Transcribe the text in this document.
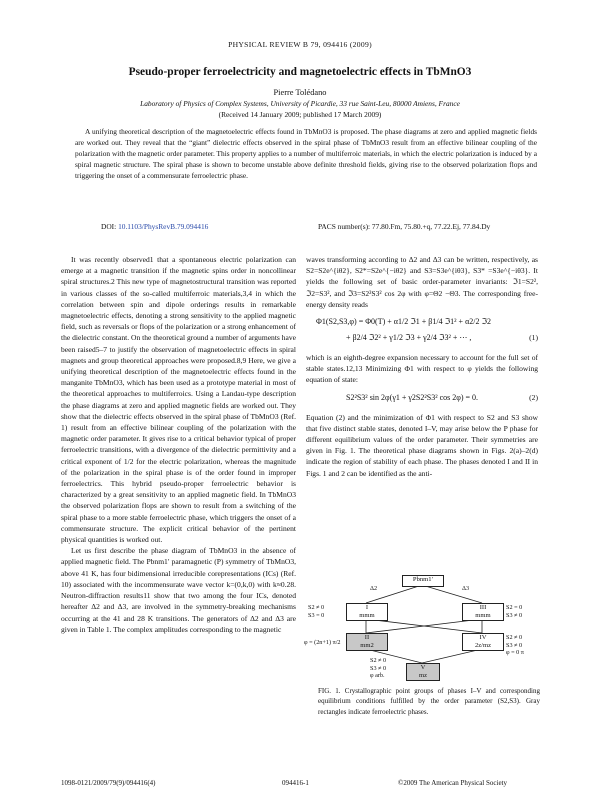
PHYSICAL REVIEW B 79, 094416 (2009)
Pseudo-proper ferroelectricity and magnetoelectric effects in TbMnO3
Pierre Tolédano
Laboratory of Physics of Complex Systems, University of Picardie, 33 rue Saint-Leu, 80000 Amiens, France
(Received 14 January 2009; published 17 March 2009)
A unifying theoretical description of the magnetoelectric effects found in TbMnO3 is proposed. The phase diagrams at zero and applied magnetic fields are worked out. They reveal that the “giant” dielectric effects observed in the spiral phase of TbMnO3 result from an effective bilinear coupling of the polarization with the magnetic order parameter. This property applies to a number of multiferroic materials, in which the electric polarization is induced by a spiral magnetic structure. The spiral phase is shown to become unstable above definite threshold fields, giving rise to the observed polarization flops and triggering the onset of a commensurate ferroelectric phase.
DOI: 10.1103/PhysRevB.79.094416	PACS number(s): 77.80.Fm, 75.80.+q, 77.22.Ej, 77.84.Dy

It was recently observed1 that a spontaneous electric polarization can emerge at a magnetic transition if the magnetic spins order in noncollinear spiral structures.2 This new type of magnetostructural transition was reported in various classes of the so-called multiferroic materials,3,4 in which the correlation between spin and dipole orderings results in remarkable magnetoelectric effects, denoting a strong sensitivity to the applied magnetic field, such as reversals or flops of the polarization or a strong enhancement of the dielectric constant. On the theoretical ground a number of arguments have been raised5–7 to justify the observation of magnetoelectric effects in spiral magnets and group theoretical approaches were proposed.8,9 Here, we give a unifying theoretical description of the magnetoelectric effects found in the manganite TbMnO3, which has been used as a prototype material in most of the theoretical approaches to multiferroics. Using a Landau-type description the phase diagrams at zero and applied magnetic fields are worked out. They show that the dielectric effects observed in the spiral phase of TbMnO3 (Ref. 1) result from an effective bilinear coupling of the polarization with the magnetic order parameter. It gives rise to a critical behavior typical of proper ferroelectric transitions, with a divergence of the dielectric permittivity and a critical exponent of 1/2 for the electric polarization, whereas the magnitude of the polarization in the spiral phase is of the order found in improper ferroelectrics. This hybrid pseudo-proper ferroelectric behavior is characterized by a great sensitivity to an applied magnetic field. In TbMnO3 the observed polarization flops are shown to result from a switching of the spiral phase to a more stable ferroelectric phase, which triggers the onset of a commensurate structure. The explicit critical behavior of the pertinent physical quantities is worked out.

Let us first describe the phase diagram of TbMnO3 in the absence of applied magnetic field. The Pbnm1′ paramagnetic (P) symmetry of TbMnO3, above 41 K, has four bidimensional irreducible corepresentations (ICs) (Ref. 10) associated with the incommensurate wave vector k=(0,k,0) with k≈0.28. Neutron-diffraction results11 show that two among the four ICs, denoted hereafter Δ2 and Δ3, are involved in the symmetry-breaking mechanisms occurring at the 41 and 28 K transitions. The generators of Δ2 and Δ3 are given in Table 1. The complex amplitudes corresponding to the magnetic

waves transforming according to Δ2 and Δ3 can be written, respectively, as S2=S2e^{iθ2}, S2*=S2e^{−iθ2} and S3=S3e^{iθ3}, S3* =S3e^{−iθ3}. It yields the following set of basic order-parameter invariants: ℑ1=S2², ℑ2=S3², and ℑ3=S2²S3² cos 2φ with φ=Θ2 −Θ3. The corresponding free-energy density reads

Φ1(S2,S3,φ) = Φ0(T) + α1/2 ℑ1 + β1/4 ℑ1² + α2/2 ℑ2
+ β2/4 ℑ2² + γ1/2 ℑ3 + γ2/4 ℑ3² + ⋯ ,	(1)

which is an eighth-degree expansion necessary to account for the full set of stable states.12,13 Minimizing Φ1 with respect to φ yields the following equation of state:

S2²S3² sin 2φ(γ1 + γ2S2²S3² cos 2φ) = 0.	(2)

Equation (2) and the minimization of Φ1 with respect to S2 and S3 show that five distinct stable states, denoted I–V, may arise below the P phase for different equilibrium values of the order parameter. Their symmetries are given in Fig. 1. The theoretical phase diagrams shown in Figs. 2(a)–2(d) indicate the region of stability of each phase. The phases denoted I and II in Figs. 1 and 2 can be identified as the anti-

Pbnm1′
Δ2	Δ3
I
mmm
III
mmm
S2 ≠ 0
S3 = 0
S2 = 0
S3 ≠ 0
II
mm2
IV
2z/mz
φ = (2n+1) π/2
S2 ≠ 0
S3 ≠ 0
φ = 0 π
V
mz
S2 ≠ 0
S3 ≠ 0
φ arb.
FIG. 1. Crystallographic point groups of phases I–V and corresponding equilibrium conditions fulfilled by the order parameter (S2,S3). Gray rectangles indicate ferroelectric phases.
1098-0121/2009/79(9)/094416(4)	094416-1	©2009 The American Physical Society
